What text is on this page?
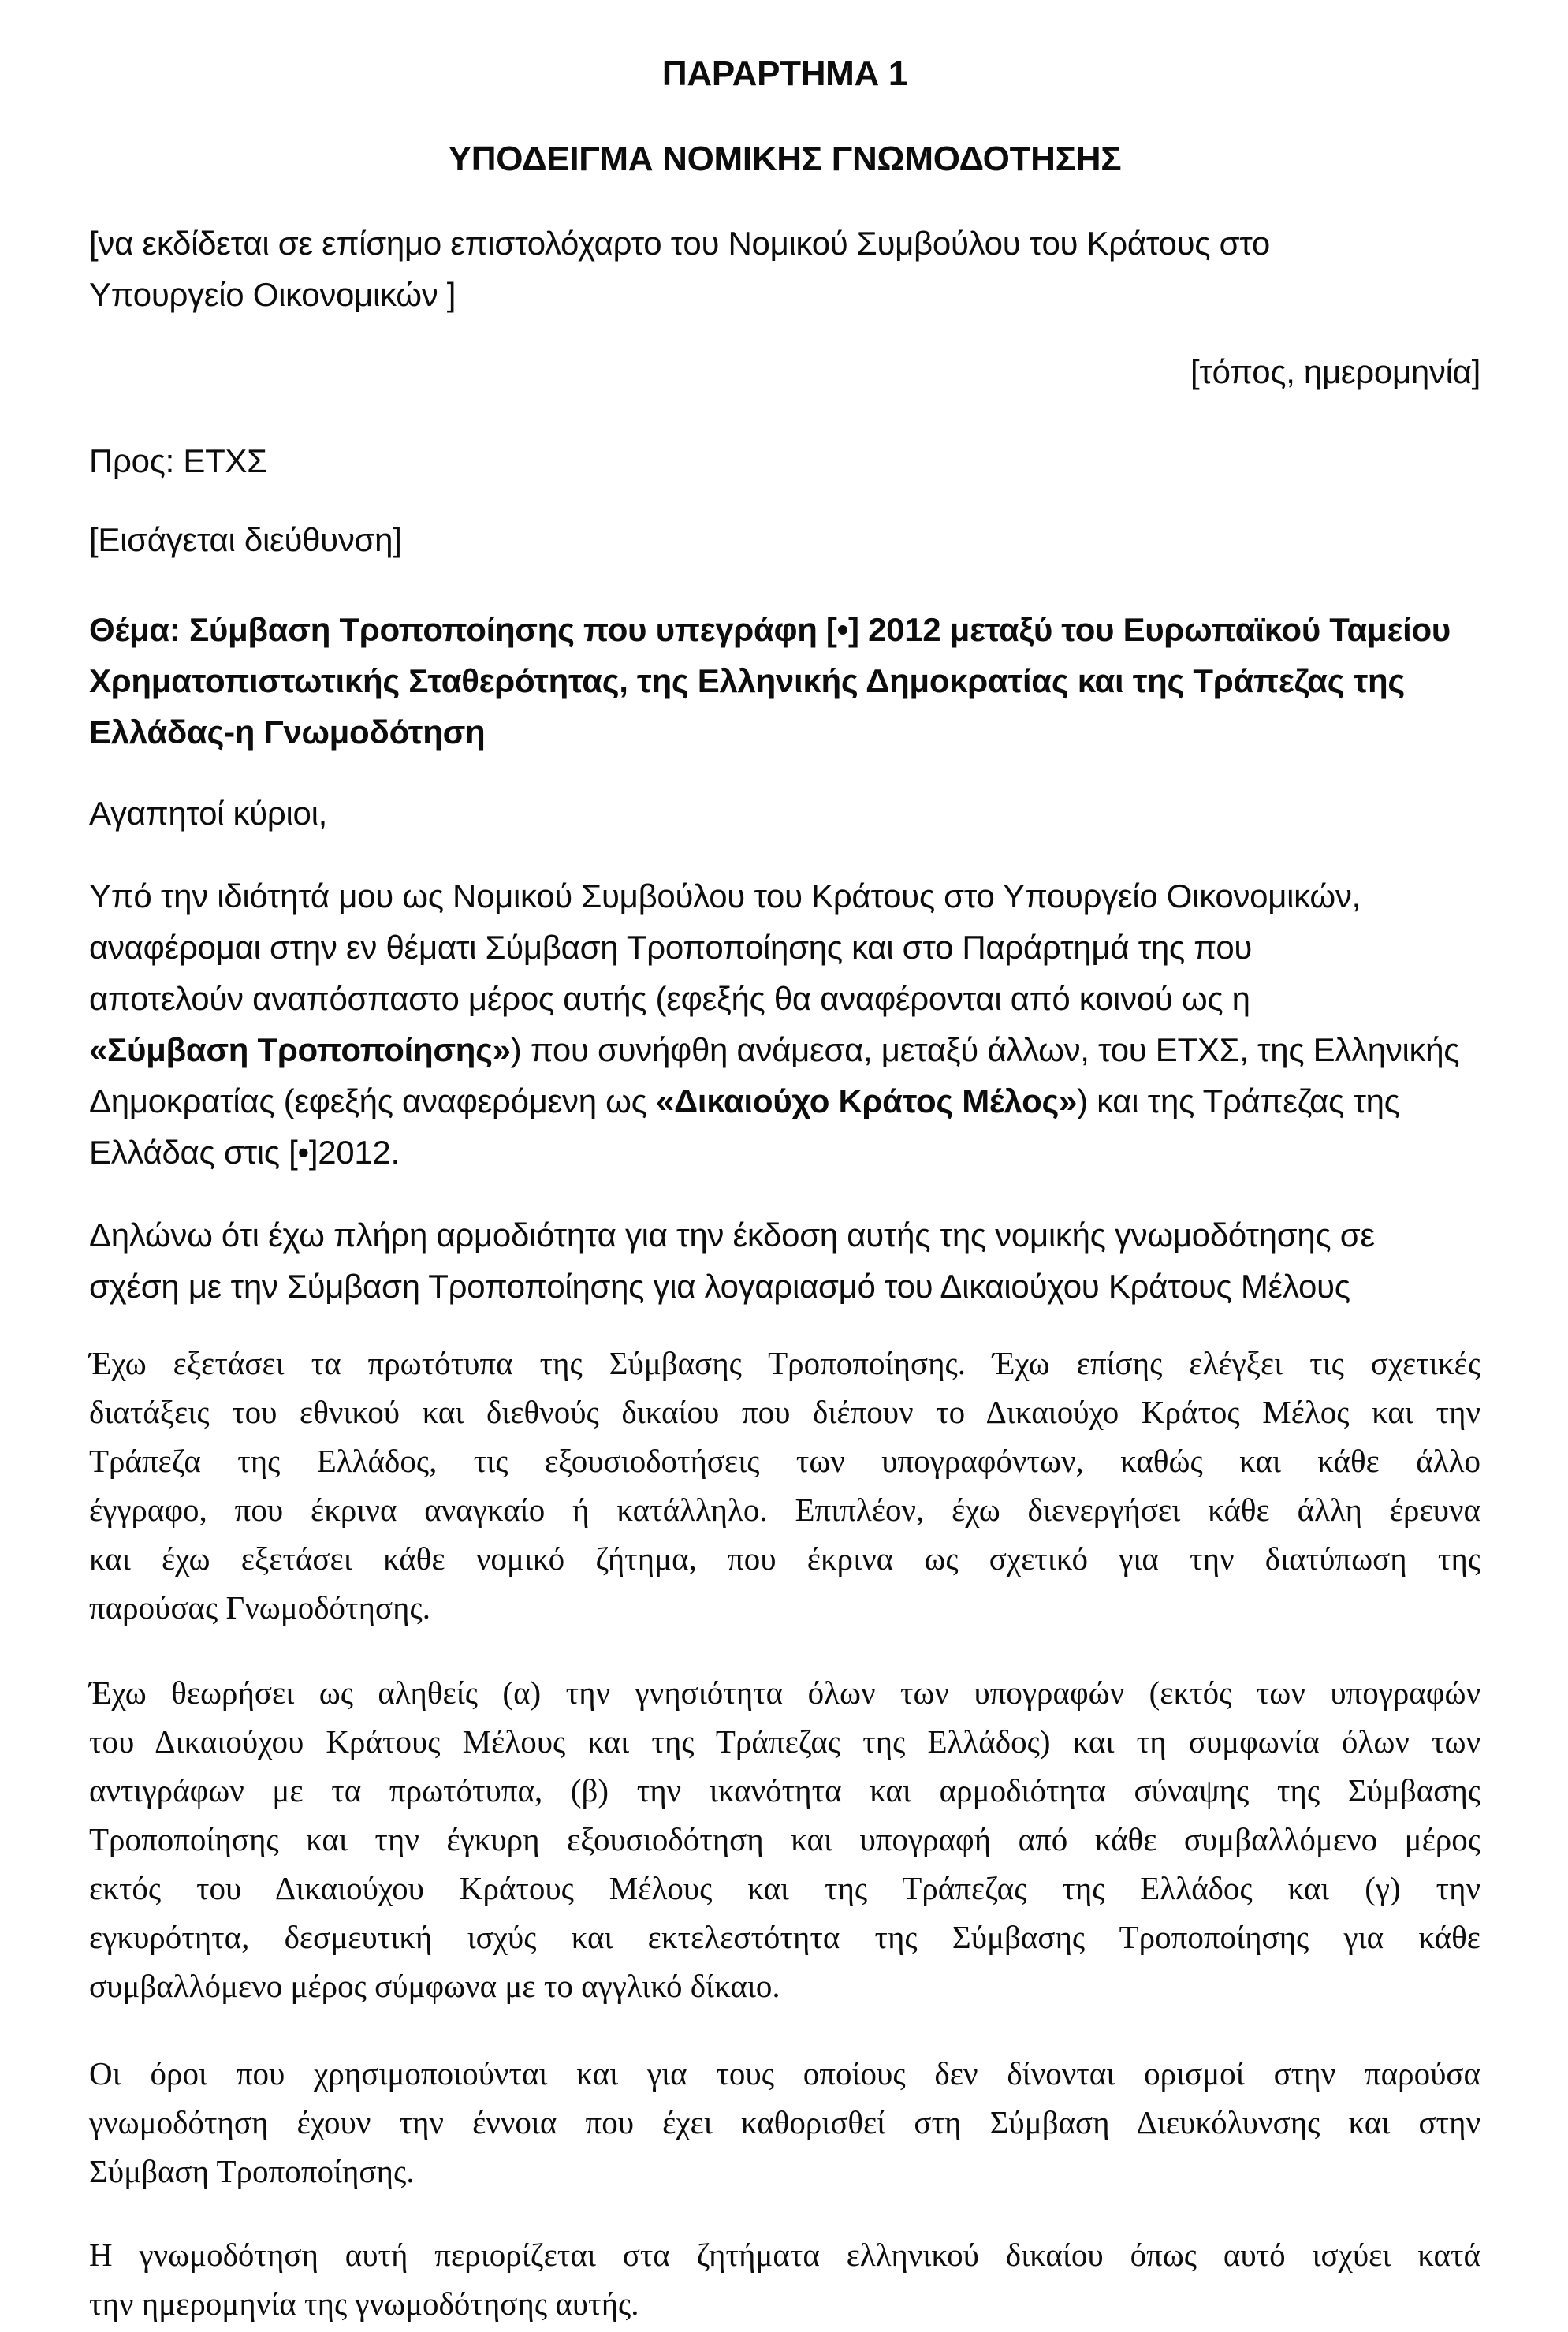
ΠΑΡΑΡΤΗΜΑ 1
ΥΠΟΔΕΙΓΜΑ ΝΟΜΙΚΗΣ ΓΝΩΜΟΔΟΤΗΣΗΣ
[να εκδίδεται σε επίσημο επιστολόχαρτο του Νομικού Συμβούλου του Κράτους στο
Υπουργείο Οικονομικών ]
[τόπος, ημερομηνία]
Προς: ΕΤΧΣ
[Εισάγεται διεύθυνση]
Θέμα: Σύμβαση Τροποποίησης που υπεγράφη [•] 2012 μεταξύ του Ευρωπαϊκού Ταμείου
Χρηματοπιστωτικής Σταθερότητας, της Ελληνικής Δημοκρατίας και της Τράπεζας της
Ελλάδας-η Γνωμοδότηση
Αγαπητοί κύριοι,
Υπό την ιδιότητά μου ως Νομικού Συμβούλου του Κράτους στο Υπουργείο Οικονομικών,
αναφέρομαι στην εν θέματι Σύμβαση Τροποποίησης και στο Παράρτημά της που
αποτελούν αναπόσπαστο μέρος αυτής (εφεξής θα αναφέρονται από κοινού ως η
«Σύμβαση Τροποποίησης») που συνήφθη ανάμεσα, μεταξύ άλλων, του ΕΤΧΣ, της Ελληνικής
Δημοκρατίας (εφεξής αναφερόμενη ως «Δικαιούχο Κράτος Μέλος») και της Τράπεζας της
Ελλάδας στις [•]2012.
Δηλώνω ότι έχω πλήρη αρμοδιότητα για την έκδοση αυτής της νομικής γνωμοδότησης σε
σχέση με την Σύμβαση Τροποποίησης για λογαριασμό του Δικαιούχου Κράτους Μέλους
Έχω εξετάσει τα πρωτότυπα της Σύμβασης Τροποποίησης. Έχω επίσης ελέγξει τις σχετικές
διατάξεις του εθνικού και διεθνούς δικαίου που διέπουν το Δικαιούχο Κράτος Μέλος και την
Τράπεζα της Ελλάδος, τις εξουσιοδοτήσεις των υπογραφόντων, καθώς και κάθε άλλο
έγγραφο, που έκρινα αναγκαίο ή κατάλληλο. Επιπλέον, έχω διενεργήσει κάθε άλλη έρευνα
και έχω εξετάσει κάθε νομικό ζήτημα, που έκρινα ως σχετικό για την διατύπωση της
παρούσας Γνωμοδότησης.
Έχω θεωρήσει ως αληθείς (α) την γνησιότητα όλων των υπογραφών (εκτός των υπογραφών
του Δικαιούχου Κράτους Μέλους και της Τράπεζας της Ελλάδος) και τη συμφωνία όλων των
αντιγράφων με τα πρωτότυπα, (β) την ικανότητα και αρμοδιότητα σύναψης της Σύμβασης
Τροποποίησης και την έγκυρη εξουσιοδότηση και υπογραφή από κάθε συμβαλλόμενο μέρος
εκτός του Δικαιούχου Κράτους Μέλους και της Τράπεζας της Ελλάδος και (γ) την
εγκυρότητα, δεσμευτική ισχύς και εκτελεστότητα της Σύμβασης Τροποποίησης για κάθε
συμβαλλόμενο μέρος σύμφωνα με το αγγλικό δίκαιο.
Οι όροι που χρησιμοποιούνται και για τους οποίους δεν δίνονται ορισμοί στην παρούσα
γνωμοδότηση έχουν την έννοια που έχει καθορισθεί στη Σύμβαση Διευκόλυνσης και στην
Σύμβαση Τροποποίησης.
Η γνωμοδότηση αυτή περιορίζεται στα ζητήματα ελληνικού δικαίου όπως αυτό ισχύει κατά
την ημερομηνία της γνωμοδότησης αυτής.
